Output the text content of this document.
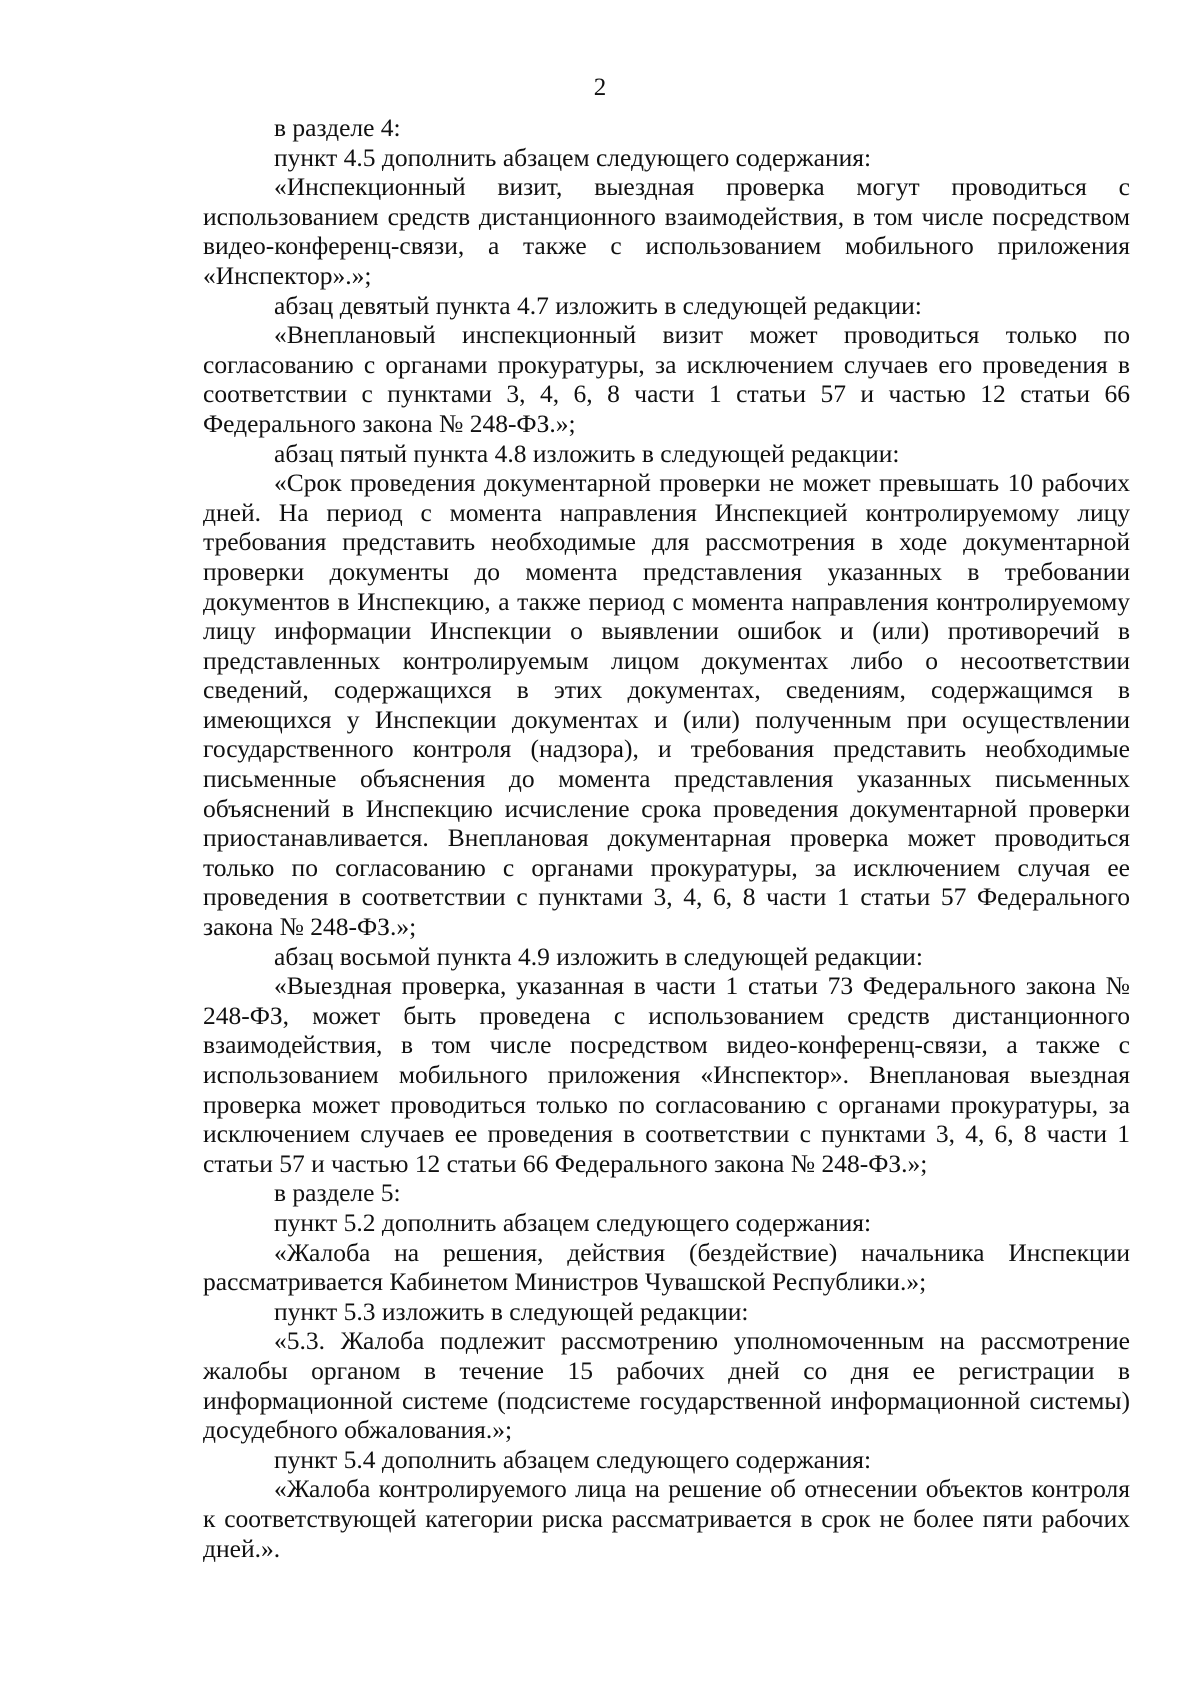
2

в разделе 4:

пункт 4.5 дополнить абзацем следующего содержания:

«Инспекционный визит, выездная проверка могут проводиться с использованием средств дистанционного взаимодействия, в том числе посредством видео-конференц-связи, а также с использованием мобильного приложения «Инспектор».»;

абзац девятый пункта 4.7 изложить в следующей редакции:

«Внеплановый инспекционный визит может проводиться только по согласованию с органами прокуратуры, за исключением случаев его проведения в соответствии с пунктами 3, 4, 6, 8 части 1 статьи 57 и частью 12 статьи 66 Федерального закона № 248-ФЗ.»;

абзац пятый пункта 4.8 изложить в следующей редакции:

«Срок проведения документарной проверки не может превышать 10 рабочих дней. На период с момента направления Инспекцией контролируемому лицу требования представить необходимые для рассмотрения в ходе документарной проверки документы до момента представления указанных в требовании документов в Инспекцию, а также период с момента направления контролируемому лицу информации Инспекции о выявлении ошибок и (или) противоречий в представленных контролируемым лицом документах либо о несоответствии сведений, содержащихся в этих документах, сведениям, содержащимся в имеющихся у Инспекции документах и (или) полученным при осуществлении государственного контроля (надзора), и требования представить необходимые письменные объяснения до момента представления указанных письменных объяснений в Инспекцию исчисление срока проведения документарной проверки приостанавливается. Внеплановая документарная проверка может проводиться только по согласованию с органами прокуратуры, за исключением случая ее проведения в соответствии с пунктами 3, 4, 6, 8 части 1 статьи 57 Федерального закона № 248-ФЗ.»;

абзац восьмой пункта 4.9 изложить в следующей редакции:

«Выездная проверка, указанная в части 1 статьи 73 Федерального закона № 248-ФЗ, может быть проведена с использованием средств дистанционного взаимодействия, в том числе посредством видео-конференц-связи, а также с использованием мобильного приложения «Инспектор». Внеплановая выездная проверка может проводиться только по согласованию с органами прокуратуры, за исключением случаев ее проведения в соответствии с пунктами 3, 4, 6, 8 части 1 статьи 57 и частью 12 статьи 66 Федерального закона № 248-ФЗ.»;

в разделе 5:

пункт 5.2 дополнить абзацем следующего содержания:

«Жалоба на решения, действия (бездействие) начальника Инспекции рассматривается Кабинетом Министров Чувашской Республики.»;

пункт 5.3 изложить в следующей редакции:

«5.3. Жалоба подлежит рассмотрению уполномоченным на рассмотрение жалобы органом в течение 15 рабочих дней со дня ее регистрации в информационной системе (подсистеме государственной информационной системы) досудебного обжалования.»;

пункт 5.4 дополнить абзацем следующего содержания:

«Жалоба контролируемого лица на решение об отнесении объектов контроля к соответствующей категории риска рассматривается в срок не более пяти рабочих дней.».
